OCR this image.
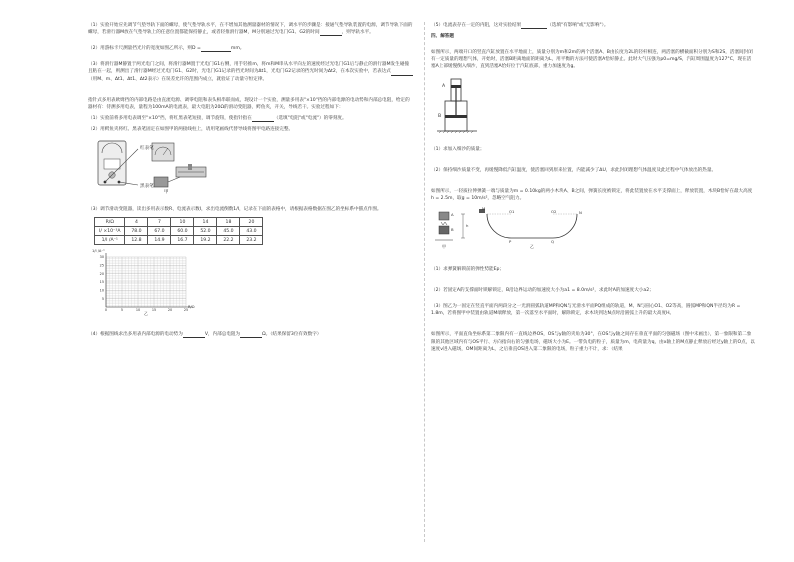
（1）实验开始应先调节气垫导轨下面的螺母，使气垫导轨水平，在不增加其他测量器材的情况下，调水平的步骤是：接通气垫导轨装置的电源，调节导轨下面的螺母，若滑行器M放在气垫导轨上的任意位置都能保持静止，或者轻推滑行器M，M分别通过光电门G1、G2的时间	，则导轨水平。

（2）用游标卡尺测量挡光片的宽度如图乙所示，则D =	mm。

（3）将滑行器M静置于两光电门之间，将滑行器M置于光电门G1右侧，用手轻推m，将m和M串从水平向左的速度经过光电门G1后与静止的滑行器M发生碰撞且粘在一起，则测出了滑行器M经过光电门G1、G2时，光电门G1记录的挡光时间为Δt1，光电门G2记录的挡光时间为Δt2，在本次实验中，若表达式（用M、m、Δt1、Δt1、Δt2表示）在误差允许的范围内成立，就验证了动量守恒定律。

指针式多用表欧姆挡的内部电路是由直流电源、调零电阻和表头相串联而成，现设计一个实验，测量多用表"×10"挡的内部电源的电动势和内部总电阻，给定的器材有：待测多用电表，量程为100mA的电流表，最大电阻为20Ω的滑动变阻器，鳄鱼夹，开关，导线若干。实验过程如下：

（1）实验前将多用电表调至"×10"挡，将红黑表笔短接，调节旋钮，使指针指在	（选填"电阻"或"电流"）的零刻度。

（2）用鳄鱼夹将红、黑表笔固定在如图甲的两接线柱上，请用笔画线代替导线将图甲电路连接完整。

红表笔
黑表笔
甲

（3）调节滑动变阻器，读出多用表示数R、电流表示数I，求出电流倒数1/I，记录在下面的表格中，请根据表格数据在图乙的坐标系中描点作图。

R/Ω	4	7	10	14	18	20
I/ ×10⁻³A	78.0	67.0	60.0	52.0	45.0	43.0
1/I /A⁻¹	12.8	14.9	16.7	19.2	22.2	23.2
5
10
15
20
25
30
0	5	10	15	20	25
1/I /A⁻¹
R/Ω
乙

（4）根据图线求出多用表内部电源的电动势为	V，内部总电阻为	Ω。（结果保留3位有效数字）

（5）电流表存在一定的内阻，这对实验结果	（选填"有影响"或"无影响"）。

四、解答题

如图所示，两端开口的竖直汽缸放置在水平地面上，质量分别为m和2m的两个活塞A、B由长度为2L的轻杆相连，两活塞的横截面积分别为S和2S，活塞间封闭有一定质量的理想气体，开始时，活塞B距离地面的距离为L，用平衡的方法可使活塞A恰好静止。此时大气压强为p0=mg/S，汽缸周围温度为127°C，现在活塞A上部缓慢倒入细沙，直到活塞A恰好位于汽缸底部，重力加速度为g。

A
B

（1）求加入细沙的质量；

（2）保持细沙质量不变，再缓慢降低汽缸温度，使活塞回到原来位置，内能减少了ΔU，求此封闭理想气体温度及此过程中气体放出的热量。

如图所示，一轻质拉伸弹簧一端与质量为m = 0.10kg的两小木块A、B之间，弹簧长度被锁定，将此装置放在水平支撑面上，释放装置，木块B恰好在最大高度h = 2.5m，取g = 10m/s²，忽略空气阻力。

M
N
O1	O2
A
B
P	Q
h
甲	乙

（1）求弹簧解锁前的弹性势能Ep；

（2）若固定A的支撑面时锁解锁定，B沿边界运动的加速度大小为a1 = 8.0m/s²，求此时A的加速度大小a2；

（3）图乙为一固定在竖直平面内两段分之一光滑圆弧轨道MP和QN与光滑水平面PQ组成的轨道，M、N与圆心O1、O2等高，圆弧MP和QN半径均为R = 1.8m，若将图甲中装置由轨道M端释放，第一次落至水平面时，解除锁定，求木块到达N点时沿圆弧上升的最大高度H。

如图所示，平面直角坐标系第二象限内有一直线边界OS，OS与y轴的夹角为30°，在OS与y轴之间存在垂直平面的匀强磁场（图中未画出），第一象限和第二象限的其他区域内有与OS平行、方向指向右的匀强电场，磁场大小为E。一带负电的粒子，质量为m，电荷量为q，由x轴上的M点静止释放后经过y轴上的O点，以速度v进入磁场，OM间距离为L，之后垂直OS进入第二象限的电场，粒子重力不计，求：（结果
